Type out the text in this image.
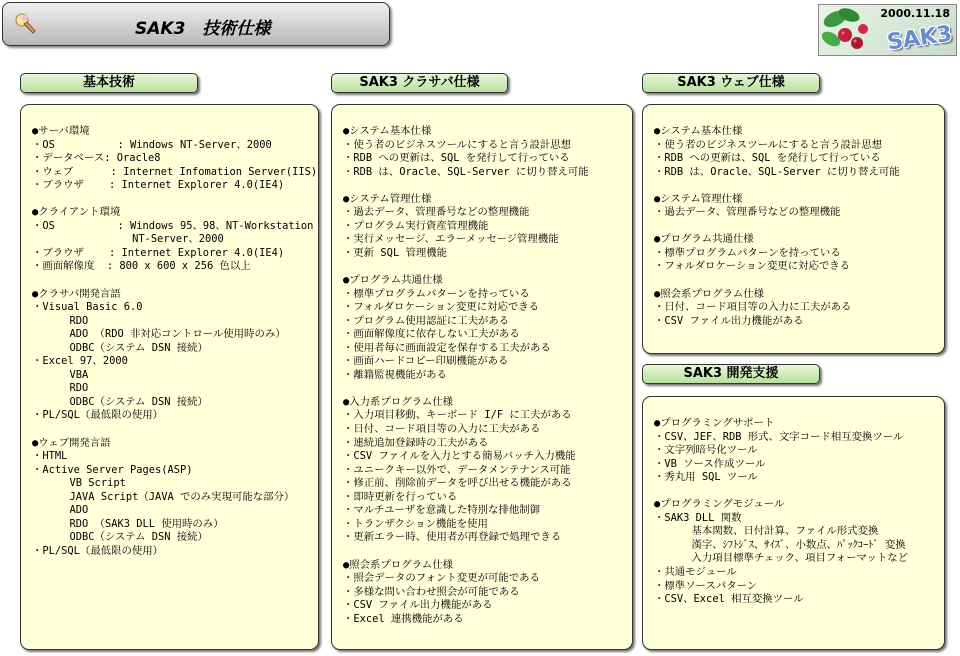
SAK3　技術仕様
2000.11.18
SAK3
基本技術	SAK3 クラサバ仕様	SAK3 ウェブ仕様
SAK3 開発支援
●サーバ環境
・OS          : Windows NT-Server、2000
・データベース: Oracle8
・ウェブ      : Internet Infomation Server(IIS)
・ブラウザ    : Internet Explorer 4.0(IE4)
●クライアント環境
・OS          : Windows 95、98、NT-Workstation
NT-Server、2000
・ブラウザ    : Internet Explorer 4.0(IE4)
・画面解像度  : 800 x 600 x 256 色以上
●クラサバ開発言語
・Visual Basic 6.0
RDO
ADO （RDO 非対応コントロール使用時のみ）
ODBC（システム DSN 接続）
・Excel 97、2000
VBA
RDO
ODBC（システム DSN 接続）
・PL/SQL（最低限の使用）
●ウェブ開発言語
・HTML
・Active Server Pages(ASP)
VB Script
JAVA Script（JAVA でのみ実現可能な部分）
ADO
RDO （SAK3 DLL 使用時のみ）
ODBC（システム DSN 接続）
・PL/SQL（最低限の使用）
●システム基本仕様
・使う者のビジネスツールにすると言う設計思想
・RDB への更新は、SQL を発行して行っている
・RDB は、Oracle、SQL-Server に切り替え可能
●システム管理仕様
・過去データ、管理番号などの整理機能
・プログラム実行資産管理機能
・実行メッセージ、エラーメッセージ管理機能
・更新 SQL 管理機能
●プログラム共通仕様
・標準プログラムパターンを持っている
・フォルダロケーション変更に対応できる
・プログラム使用認証に工夫がある
・画面解像度に依存しない工夫がある
・使用者毎に画面設定を保存する工夫がある
・画面ハードコピー印刷機能がある
・離籍監視機能がある
●入力系プログラム仕様
・入力項目移動、キーボード I/F に工夫がある
・日付、コード項目等の入力に工夫がある
・連続追加登録時の工夫がある
・CSV ファイルを入力とする簡易バッチ入力機能
・ユニークキー以外で、データメンテナンス可能
・修正前、削除前データを呼び出せる機能がある
・即時更新を行っている
・マルチユーザを意識した特別な排他制御
・トランザクション機能を使用
・更新エラー時、使用者が再登録で処理できる
●照会系プログラム仕様
・照会データのフォント変更が可能である
・多様な問い合わせ照会が可能である
・CSV ファイル出力機能がある
・Excel 連携機能がある
●システム基本仕様
・使う者のビジネスツールにすると言う設計思想
・RDB への更新は、SQL を発行して行っている
・RDB は、Oracle、SQL-Server に切り替え可能
●システム管理仕様
・過去データ、管理番号などの整理機能
●プログラム共通仕様
・標準プログラムパターンを持っている
・フォルダロケーション変更に対応できる
●照会系プログラム仕様
・日付、コード項目等の入力に工夫がある
・CSV ファイル出力機能がある
●プログラミングサポート
・CSV、JEF、RDB 形式、文字コード相互変換ツール
・文字列暗号化ツール
・VB ソース作成ツール
・秀丸用 SQL ツール
●プログラミングモジュール
・SAK3 DLL 関数
基本関数、日付計算、ファイル形式変換
漢字、ｼﾌﾄｼﾞｽ、ｻｲｽﾞ、小数点、ﾊﾟｯｸｺｰﾄﾞ 変換
入力項目標準チェック、項目フォーマットなど
・共通モジュール
・標準ソースパターン
・CSV、Excel 相互変換ツール
